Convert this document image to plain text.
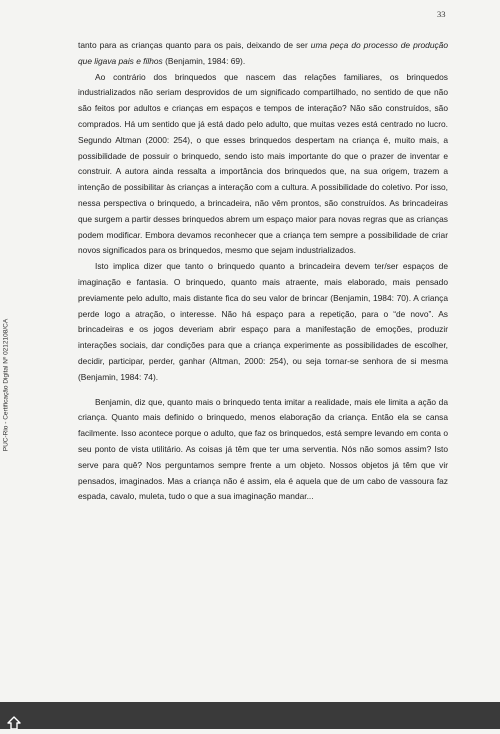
33
PUC-Rio - Certificação Digital Nº 0212108/CA

tanto para as crianças quanto para os pais, deixando de ser uma peça do processo de produção que ligava pais e filhos (Benjamin, 1984: 69).

Ao contrário dos brinquedos que nascem das relações familiares, os brinquedos industrializados não seriam desprovidos de um significado compartilhado, no sentido de que não são feitos por adultos e crianças em espaços e tempos de interação? Não são construídos, são comprados. Há um sentido que já está dado pelo adulto, que muitas vezes está centrado no lucro. Segundo Altman (2000: 254), o que esses brinquedos despertam na criança é, muito mais, a possibilidade de possuir o brinquedo, sendo isto mais importante do que o prazer de inventar e construir. A autora ainda ressalta a importância dos brinquedos que, na sua origem, trazem a intenção de possibilitar às crianças a interação com a cultura. A possibilidade do coletivo. Por isso, nessa perspectiva o brinquedo, a brincadeira, não vêm prontos, são construídos. As brincadeiras que surgem a partir desses brinquedos abrem um espaço maior para novas regras que as crianças podem modificar. Embora devamos reconhecer que a criança tem sempre a possibilidade de criar novos significados para os brinquedos, mesmo que sejam industrializados.

Isto implica dizer que tanto o brinquedo quanto a brincadeira devem ter/ser espaços de imaginação e fantasia. O brinquedo, quanto mais atraente, mais elaborado, mais pensado previamente pelo adulto, mais distante fica do seu valor de brincar (Benjamin, 1984: 70). A criança perde logo a atração, o interesse. Não há espaço para a repetição, para o “de novo”. As brincadeiras e os jogos deveriam abrir espaço para a manifestação de emoções, produzir interações sociais, dar condições para que a criança experimente as possibilidades de escolher, decidir, participar, perder, ganhar (Altman, 2000: 254), ou seja tornar-se senhora de si mesma (Benjamin, 1984: 74).

Benjamin, diz que, quanto mais o brinquedo tenta imitar a realidade, mais ele limita a ação da criança. Quanto mais definido o brinquedo, menos elaboração da criança. Então ela se cansa facilmente. Isso acontece porque o adulto, que faz os brinquedos, está sempre levando em conta o seu ponto de vista utilitário. As coisas já têm que ter uma serventia. Nós não somos assim? Isto serve para quê? Nos perguntamos sempre frente a um objeto. Nossos objetos já têm que vir pensados, imaginados. Mas a criança não é assim, ela é aquela que de um cabo de vassoura faz espada, cavalo, muleta, tudo o que a sua imaginação mandar...
